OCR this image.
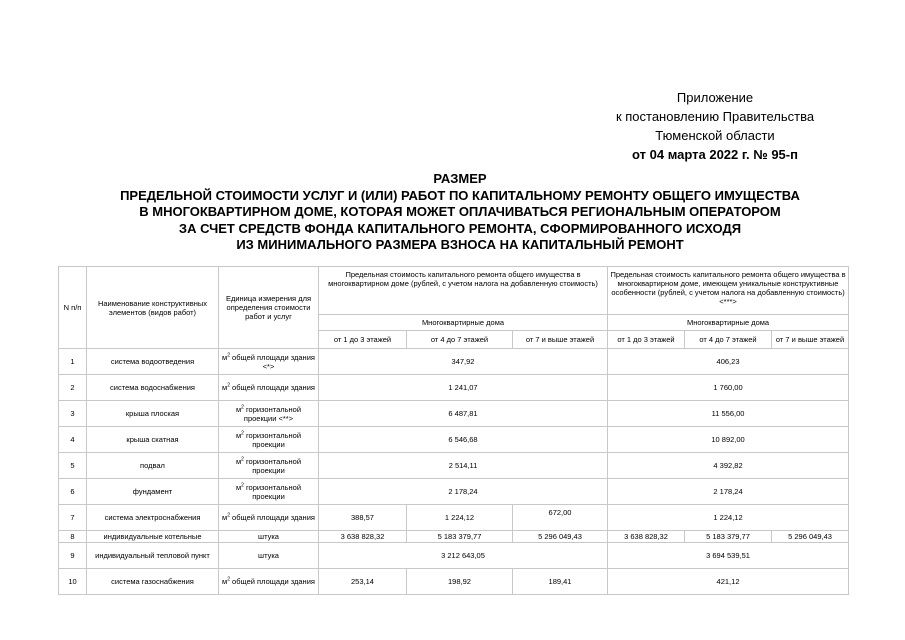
Приложение
к постановлению Правительства
Тюменской области
от 04 марта 2022 г. № 95-п
РАЗМЕР
ПРЕДЕЛЬНОЙ СТОИМОСТИ УСЛУГ И (ИЛИ) РАБОТ ПО КАПИТАЛЬНОМУ РЕМОНТУ ОБЩЕГО ИМУЩЕСТВА
В МНОГОКВАРТИРНОМ ДОМЕ, КОТОРАЯ МОЖЕТ ОПЛАЧИВАТЬСЯ РЕГИОНАЛЬНЫМ ОПЕРАТОРОМ
ЗА СЧЕТ СРЕДСТВ ФОНДА КАПИТАЛЬНОГО РЕМОНТА, СФОРМИРОВАННОГО ИСХОДЯ
ИЗ МИНИМАЛЬНОГО РАЗМЕРА ВЗНОСА НА КАПИТАЛЬНЫЙ РЕМОНТ
N п/п	Наименование конструктивных элементов (видов работ)	Единица измерения для определения стоимости работ и услуг	Предельная стоимость капитального ремонта общего имущества в многоквартирном доме (рублей, с учетом налога на добавленную стоимость)			Предельная стоимость капитального ремонта общего имущества в многоквартирном доме, имеющем уникальные конструктивные особенности (рублей, с учетом налога на добавленную стоимость) <***>		
			Многоквартирные дома			Многоквартирные дома		
			от 1 до 3 этажей	от 4 до 7 этажей	от 7 и выше этажей	от 1 до 3 этажей	от 4 до 7 этажей	от 7 и выше этажей
1	система водоотведения	$м^2$ общей площади здания <*>	347,92			406,23		
2	система водоснабжения	$м^2$ общей площади здания	1 241,07			1 760,00		
3	крыша плоская	$м^2$ горизонтальной проекции <**>	6 487,81			11 556,00		
4	крыша скатная	$м^2$ горизонтальной проекции	6 546,68			10 892,00		
5	подвал	$м^2$ горизонтальной проекции	2 514,11			4 392,82		
6	фундамент	$м^2$ горизонтальной проекции	2 178,24			2 178,24		
7	система электроснабжения	$м^2$ общей площади здания	388,57	1 224,12	672,00	1 224,12		
8	индивидуальные котельные	штука	3 638 828,32	5 183 379,77	5 296 049,43	3 638 828,32	5 183 379,77	5 296 049,43
9	индивидуальный тепловой пункт	штука	3 212 643,05			3 694 539,51		
10	система газоснабжения	$м^2$ общей площади здания	253,14	198,92	189,41	421,12		
